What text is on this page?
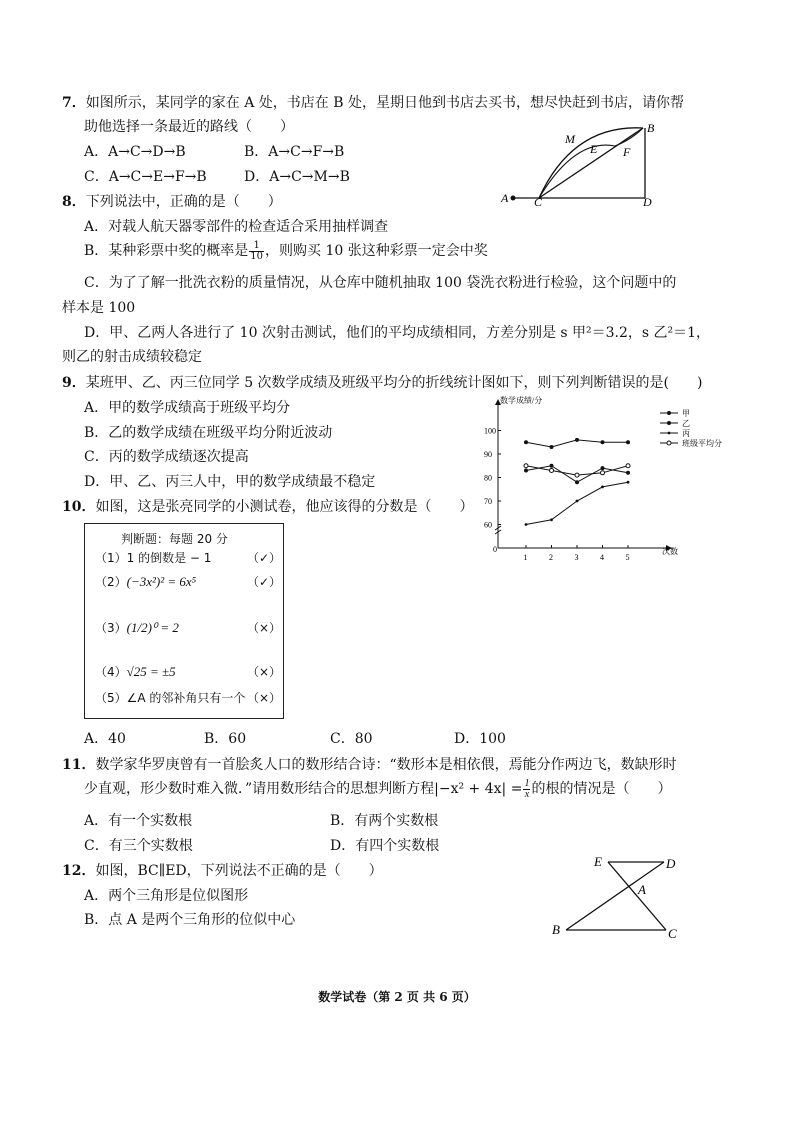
7．如图所示，某同学的家在 A 处，书店在 B 处，星期日他到书店去买书，想尽快赶到书店，请你帮
助他选择一条最近的路线（　　）
A．A→C→D→B	B．A→C→F→B
C．A→C→E→F→B	D．A→C→M→B
A
B
C	D
E F
M
8．下列说法中，正确的是（　　）
A．对载人航天器零部件的检查适合采用抽样调查
B．某种彩票中奖的概率是 $\frac{1}{10}$ ，则购买 10 张这种彩票一定会中奖
C．为了了解一批洗衣粉的质量情况，从仓库中随机抽取 100 袋洗衣粉进行检验，这个问题中的
样本是 100
D．甲、乙两人各进行了 10 次射击测试，他们的平均成绩相同，方差分别是 s 甲²＝3.2，s 乙²＝1，
则乙的射击成绩较稳定
9．某班甲、乙、丙三位同学 5 次数学成绩及班级平均分的折线统计图如下，则下列判断错误的是(　　)
A．甲的数学成绩高于班级平均分
B．乙的数学成绩在班级平均分附近波动
C．丙的数学成绩逐次提高
D．甲、乙、丙三人中，甲的数学成绩最不稳定
数学成绩/分
次数
0
60
70
80
90
100
1	2	3	4	5
甲
乙
丙
班级平均分
10．如图，这是张亮同学的小测试卷，他应该得的分数是（　　）
判断题：每题 20 分
（1）1 的倒数是 − 1
（2）(−3x²)² = 6x⁵
（3）(1/2)⁰ = 2
（4）√25 = ±5
（5）∠A 的邻补角只有一个
（✓）
（✓）
（×）
（×）
（×）
A．40	B．60	C．80	D．100
11．数学家华罗庚曾有一首脍炙人口的数形结合诗：“数形本是相依偎，焉能分作两边飞，数缺形时
少直观，形少数时难入微．”请用数形结合的思想判断方程$|-x^2 + 4x| = \frac{1}{x}$ 的根的情况是（　　）
A．有一个实数根	B．有两个实数根
C．有三个实数根	D．有四个实数根
12．如图，BC∥ED，下列说法不正确的是（　　）
A．两个三角形是位似图形
B．点 A 是两个三角形的位似中心
E	D
A
B	C
数学试卷（第 2 页 共 6 页）
